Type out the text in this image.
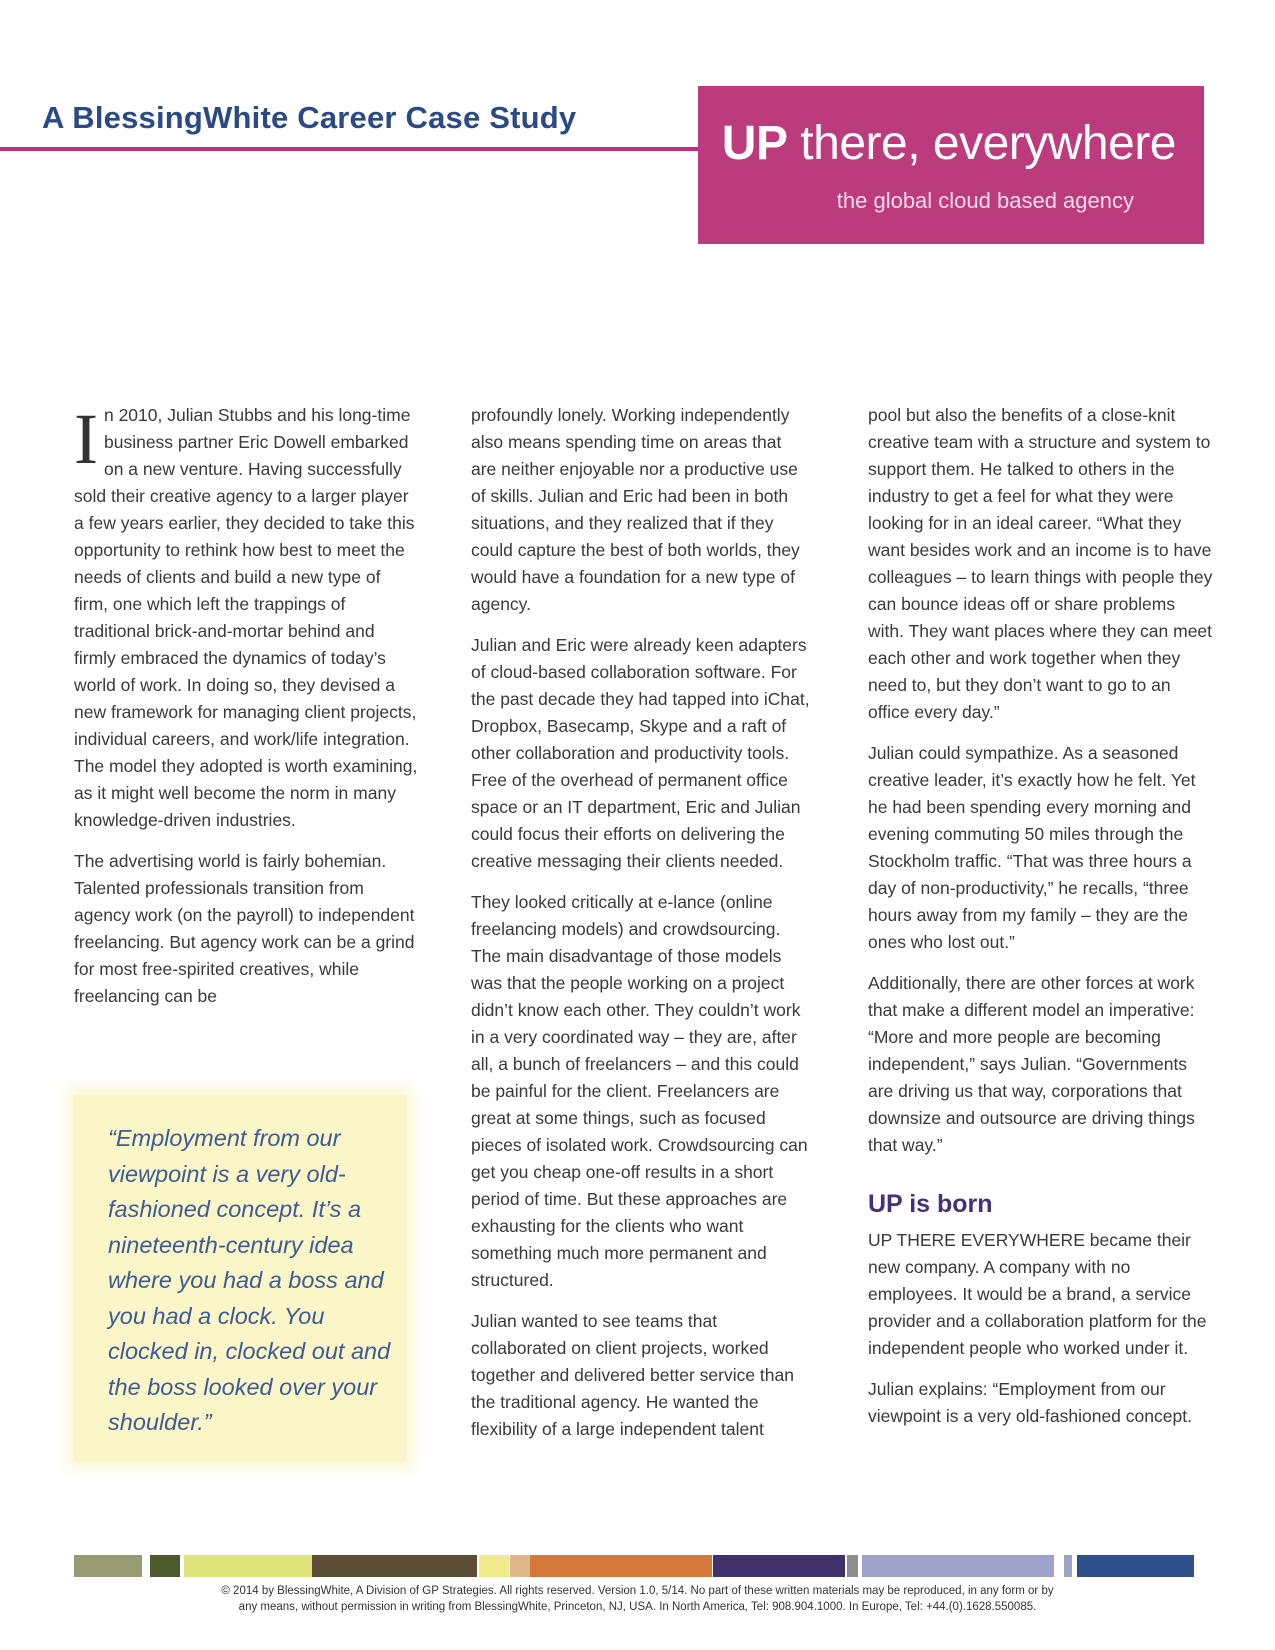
A BlessingWhite Career Case Study	UP there, everywhere
the global cloud based agency

In 2010, Julian Stubbs and his long-time business partner Eric Dowell embarked on a new venture. Having successfully sold their creative agency to a larger player a few years earlier, they decided to take this opportunity to rethink how best to meet the needs of clients and build a new type of firm, one which left the trappings of traditional brick-and-mortar behind and firmly embraced the dynamics of today’s world of work. In doing so, they devised a new framework for managing client projects, individual careers, and work/life integration. The model they adopted is worth examining, as it might well become the norm in many knowledge-driven industries.

The advertising world is fairly bohemian. Talented professionals transition from agency work (on the payroll) to independent freelancing. But agency work can be a grind for most free-spirited creatives, while freelancing can be

“Employment from our viewpoint is a very old-fashioned concept. It’s a nineteenth-century idea where you had a boss and you had a clock. You clocked in, clocked out and the boss looked over your shoulder.”

profoundly lonely. Working independently also means spending time on areas that are neither enjoyable nor a productive use of skills. Julian and Eric had been in both situations, and they realized that if they could capture the best of both worlds, they would have a foundation for a new type of agency.

Julian and Eric were already keen adapters of cloud-based collaboration software. For the past decade they had tapped into iChat, Dropbox, Basecamp, Skype and a raft of other collaboration and productivity tools. Free of the overhead of permanent office space or an IT department, Eric and Julian could focus their efforts on delivering the creative messaging their clients needed.

They looked critically at e-lance (online freelancing models) and crowdsourcing. The main disadvantage of those models was that the people working on a project didn’t know each other. They couldn’t work in a very coordinated way – they are, after all, a bunch of freelancers – and this could be painful for the client. Freelancers are great at some things, such as focused pieces of isolated work. Crowdsourcing can get you cheap one-off results in a short period of time. But these approaches are exhausting for the clients who want something much more permanent and structured.

Julian wanted to see teams that collaborated on client projects, worked together and delivered better service than the traditional agency. He wanted the flexibility of a large independent talent

pool but also the benefits of a close-knit creative team with a structure and system to support them. He talked to others in the industry to get a feel for what they were looking for in an ideal career. “What they want besides work and an income is to have colleagues – to learn things with people they can bounce ideas off or share problems with. They want places where they can meet each other and work together when they need to, but they don’t want to go to an office every day.”

Julian could sympathize. As a seasoned creative leader, it’s exactly how he felt. Yet he had been spending every morning and evening commuting 50 miles through the Stockholm traffic. “That was three hours a day of non-productivity,” he recalls, “three hours away from my family – they are the ones who lost out.”

Additionally, there are other forces at work that make a different model an imperative: “More and more people are becoming independent,” says Julian. “Governments are driving us that way, corporations that downsize and outsource are driving things that way.”

UP is born

UP THERE EVERYWHERE became their new company. A company with no employees. It would be a brand, a service provider and a collaboration platform for the independent people who worked under it.

Julian explains: “Employment from our viewpoint is a very old-fashioned concept.

© 2014 by BlessingWhite, A Division of GP Strategies. All rights reserved. Version 1.0, 5/14. No part of these written materials may be reproduced, in any form or by
any means, without permission in writing from BlessingWhite, Princeton, NJ, USA. In North America, Tel: 908.904.1000. In Europe, Tel: +44.(0).1628.550085.
